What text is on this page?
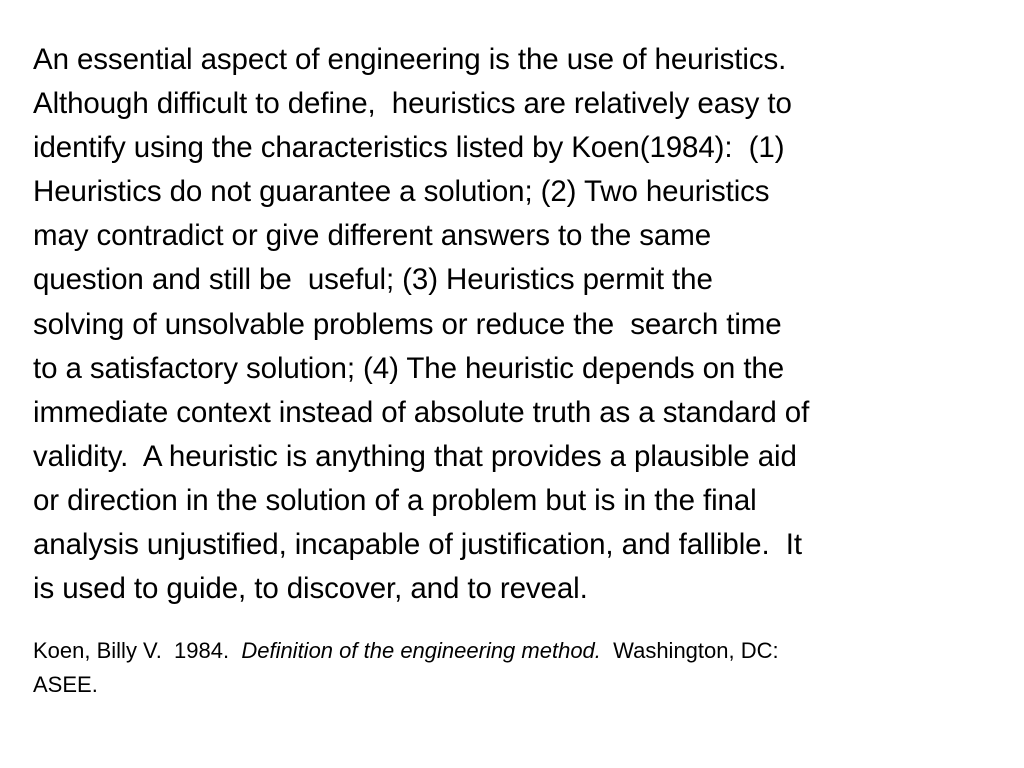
An essential aspect of engineering is the use of heuristics.
Although difficult to define,  heuristics are relatively easy to
identify using the characteristics listed by Koen(1984):  (1)
Heuristics do not guarantee a solution; (2) Two heuristics
may contradict or give different answers to the same
question and still be  useful; (3) Heuristics permit the
solving of unsolvable problems or reduce the  search time
to a satisfactory solution; (4) The heuristic depends on the
immediate context instead of absolute truth as a standard of
validity.  A heuristic is anything that provides a plausible aid
or direction in the solution of a problem but is in the final
analysis unjustified, incapable of justification, and fallible.  It
is used to guide, to discover, and to reveal.
Koen, Billy V.  1984.  Definition of the engineering method.  Washington, DC:
ASEE.
